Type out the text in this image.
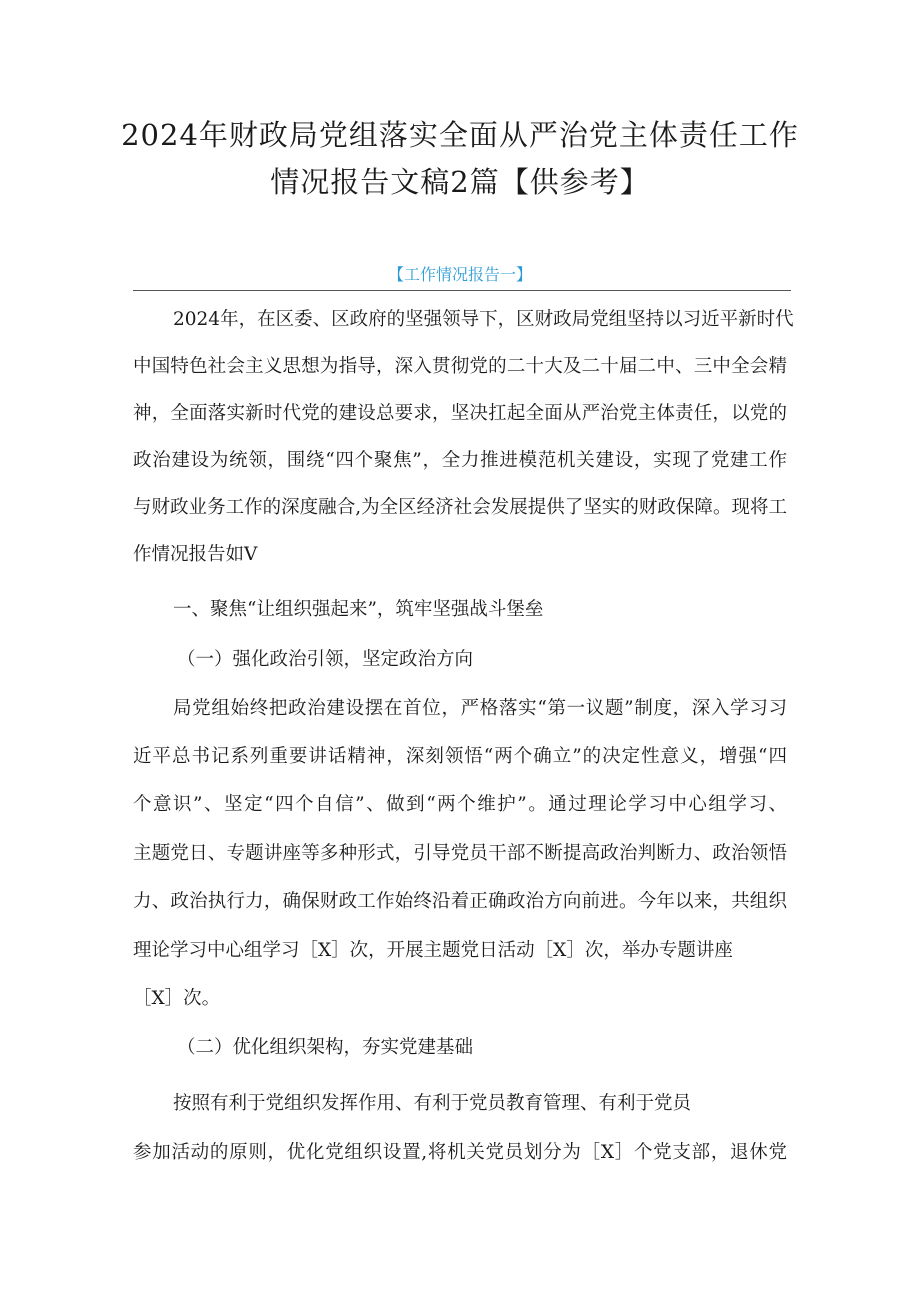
2024年财政局党组落实全面从严治党主体责任工作
情况报告文稿2篇【供参考】
【工作情况报告一】
2024年，在区委、区政府的坚强领导下，区财政局党组坚持以习近平新时代
中国特色社会主义思想为指导，深入贯彻党的二十大及二十届二中、三中全会精
神，全面落实新时代党的建设总要求，坚决扛起全面从严治党主体责任，以党的
政治建设为统领，围绕“四个聚焦”，全力推进模范机关建设，实现了党建工作
与财政业务工作的深度融合,为全区经济社会发展提供了坚实的财政保障。现将工
作情况报告如V
一、聚焦“让组织强起来”，筑牢坚强战斗堡垒
（一）强化政治引领，坚定政治方向
局党组始终把政治建设摆在首位，严格落实“第一议题”制度，深入学习习
近平总书记系列重要讲话精神，深刻领悟“两个确立”的决定性意义，增强“四
个意识”、坚定“四个自信”、做到“两个维护”。通过理论学习中心组学习、
主题党日、专题讲座等多种形式，引导党员干部不断提高政治判断力、政治领悟
力、政治执行力，确保财政工作始终沿着正确政治方向前进。今年以来，共组织
理论学习中心组学习［X］次，开展主题党日活动［X］次，举办专题讲座
［X］次。
（二）优化组织架构，夯实党建基础
按照有利于党组织发挥作用、有利于党员教育管理、有利于党员
参加活动的原则，优化党组织设置,将机关党员划分为［X］个党支部，退休党
